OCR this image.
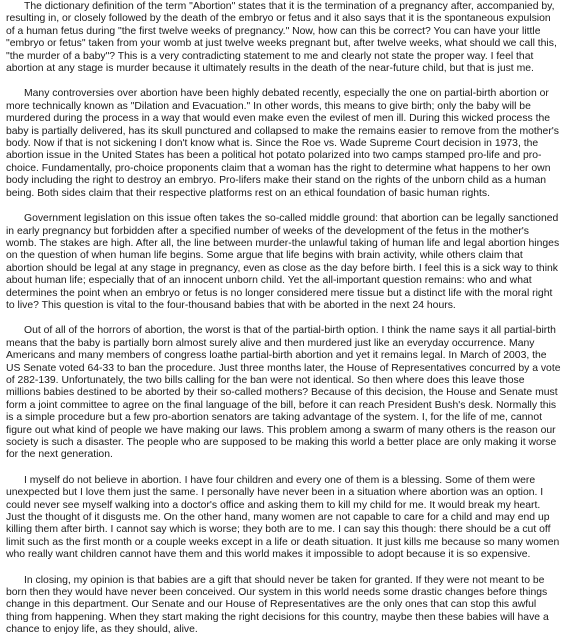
The dictionary definition of the term "Abortion" states that it is the termination of a pregnancy after, accompanied by, resulting in, or closely followed by the death of the embryo or fetus and it also says that it is the spontaneous expulsion of a human fetus during "the first twelve weeks of pregnancy." Now, how can this be correct? You can have your little "embryo or fetus" taken from your womb at just twelve weeks pregnant but, after twelve weeks, what should we call this, "the murder of a baby"? This is a very contradicting statement to me and clearly not state the proper way. I feel that abortion at any stage is murder because it ultimately results in the death of the near-future child, but that is just me.

Many controversies over abortion have been highly debated recently, especially the one on partial-birth abortion or more technically known as "Dilation and Evacuation." In other words, this means to give birth; only the baby will be murdered during the process in a way that would even make even the evilest of men ill. During this wicked process the baby is partially delivered, has its skull punctured and collapsed to make the remains easier to remove from the mother's body. Now if that is not sickening I don't know what is. Since the Roe vs. Wade Supreme Court decision in 1973, the abortion issue in the United States has been a political hot potato polarized into two camps stamped pro-life and pro-choice. Fundamentally, pro-choice proponents claim that a woman has the right to determine what happens to her own body including the right to destroy an embryo. Pro-lifers make their stand on the rights of the unborn child as a human being. Both sides claim that their respective platforms rest on an ethical foundation of basic human rights.

Government legislation on this issue often takes the so-called middle ground: that abortion can be legally sanctioned in early pregnancy but forbidden after a specified number of weeks of the development of the fetus in the mother's womb. The stakes are high. After all, the line between murder-the unlawful taking of human life and legal abortion hinges on the question of when human life begins. Some argue that life begins with brain activity, while others claim that abortion should be legal at any stage in pregnancy, even as close as the day before birth. I feel this is a sick way to think about human life; especially that of an innocent unborn child. Yet the all-important question remains: who and what determines the point when an embryo or fetus is no longer considered mere tissue but a distinct life with the moral right to live? This question is vital to the four-thousand babies that with be aborted in the next 24 hours.

Out of all of the horrors of abortion, the worst is that of the partial-birth option. I think the name says it all partial-birth means that the baby is partially born almost surely alive and then murdered just like an everyday occurrence. Many Americans and many members of congress loathe partial-birth abortion and yet it remains legal. In March of 2003, the US Senate voted 64-33 to ban the procedure. Just three months later, the House of Representatives concurred by a vote of 282-139. Unfortunately, the two bills calling for the ban were not identical. So then where does this leave those millions babies destined to be aborted by their so-called mothers? Because of this decision, the House and Senate must form a joint committee to agree on the final language of the bill, before it can reach President Bush's desk. Normally this is a simple procedure but a few pro-abortion senators are taking advantage of the system. I, for the life of me, cannot figure out what kind of people we have making our laws. This problem among a swarm of many others is the reason our society is such a disaster. The people who are supposed to be making this world a better place are only making it worse for the next generation.

I myself do not believe in abortion. I have four children and every one of them is a blessing. Some of them were unexpected but I love them just the same. I personally have never been in a situation where abortion was an option. I could never see myself walking into a doctor's office and asking them to kill my child for me. It would break my heart. Just the thought of it disgusts me. On the other hand, many women are not capable to care for a child and may end up killing them after birth. I cannot say which is worse; they both are to me. I can say this though: there should be a cut off limit such as the first month or a couple weeks except in a life or death situation. It just kills me because so many women who really want children cannot have them and this world makes it impossible to adopt because it is so expensive.

In closing, my opinion is that babies are a gift that should never be taken for granted. If they were not meant to be born then they would have never been conceived. Our system in this world needs some drastic changes before things change in this department. Our Senate and our House of Representatives are the only ones that can stop this awful thing from happening. When they start making the right decisions for this country, maybe then these babies will have a chance to enjoy life, as they should, alive.
